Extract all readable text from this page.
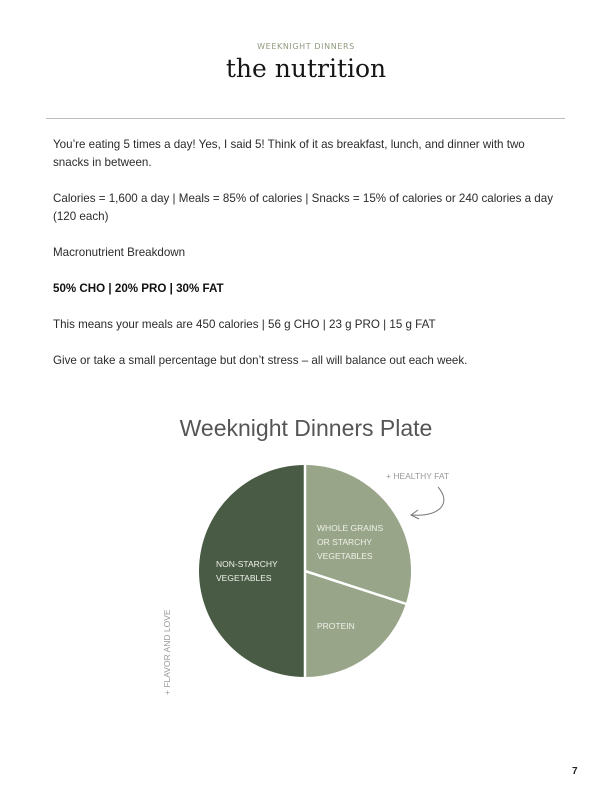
WEEKNIGHT DINNERS
the nutrition

You’re eating 5 times a day! Yes, I said 5! Think of it as breakfast, lunch, and dinner with two snacks in between.

Calories = 1,600 a day | Meals = 85% of calories | Snacks = 15% of calories or 240 calories a day (120 each)

Macronutrient Breakdown

50% CHO | 20% PRO | 30% FAT

This means your meals are 450 calories | 56 g CHO | 23 g PRO | 15 g FAT

Give or take a small percentage but don’t stress – all will balance out each week.

Weeknight Dinners Plate
NON-STARCHY
VEGETABLES
WHOLE GRAINS
OR STARCHY
VEGETABLES
PROTEIN
+ HEALTHY FAT
+ FLAVOR AND LOVE
7
